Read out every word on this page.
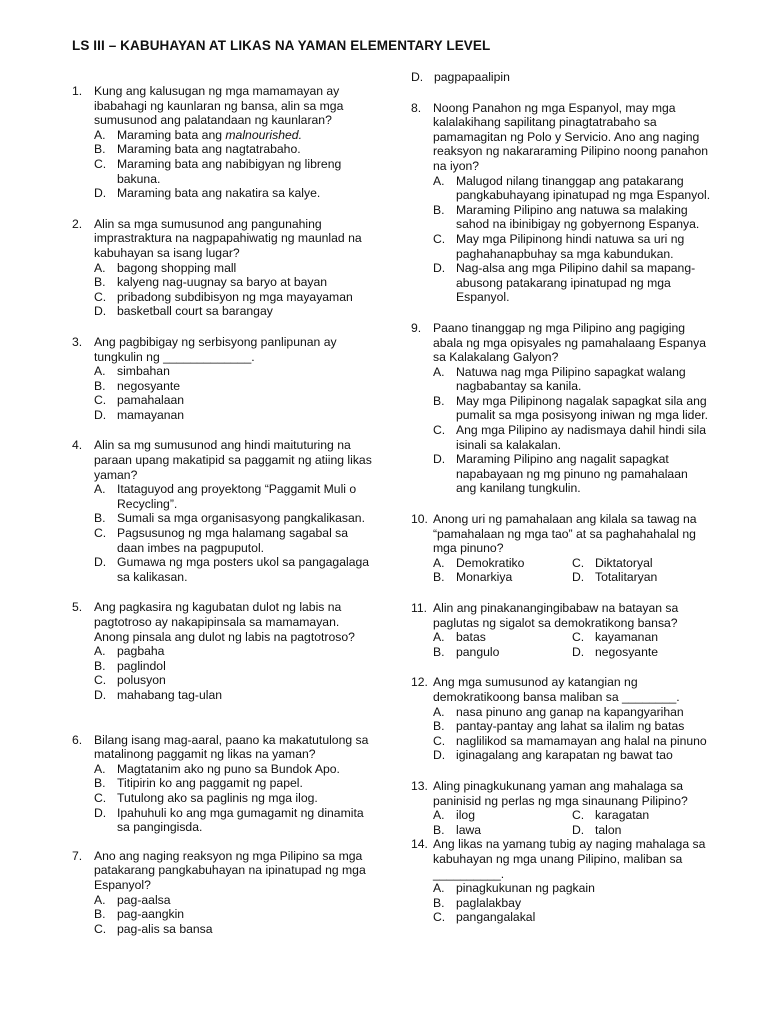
LS III – KABUHAYAN AT LIKAS NA YAMAN ELEMENTARY LEVEL
1. Kung ang kalusugan ng mga mamamayan ay ibabahagi ng kaunlaran ng bansa, alin sa mga sumusunod ang palatandaan ng kaunlaran?
A. Maraming bata ang malnourished.
B. Maraming bata ang nagtatrabaho.
C. Maraming bata ang nabibigyan ng libreng bakuna.
D. Maraming bata ang nakatira sa kalye.
2. Alin sa mga sumusunod ang pangunahing imprastraktura na nagpapahiwatig ng maunlad na kabuhayan sa isang lugar?
A. bagong shopping mall
B. kalyeng nag-uugnay sa baryo at bayan
C. pribadong subdibisyon ng mga mayayaman
D. basketball court sa barangay
3. Ang pagbibigay ng serbisyong panlipunan ay tungkulin ng _____________.
A. simbahan
B. negosyante
C. pamahalaan
D. mamayanan
4. Alin sa mg sumusunod ang hindi maituturing na paraan upang makatipid sa paggamit ng atiing likas yaman?
A. Itataguyod ang proyektong “Paggamit Muli o Recycling”.
B. Sumali sa mga organisasyong pangkalikasan.
C. Pagsusunog ng mga halamang sagabal sa daan imbes na pagpuputol.
D. Gumawa ng mga posters ukol sa pangagalaga sa kalikasan.
5. Ang pagkasira ng kagubatan dulot ng labis na pagtotroso ay nakapipinsala sa mamamayan. Anong pinsala ang dulot ng labis na pagtotroso?
A. pagbaha
B. paglindol
C. polusyon
D. mahabang tag-ulan
6. Bilang isang mag-aaral, paano ka makatutulong sa matalinong paggamit ng likas na yaman?
A. Magtatanim ako ng puno sa Bundok Apo.
B. Titipirin ko ang paggamit ng papel.
C. Tutulong ako sa paglinis ng mga ilog.
D. Ipahuhuli ko ang mga gumagamit ng dinamita sa pangingisda.
7. Ano ang naging reaksyon ng mga Pilipino sa mga patakarang pangkabuhayan na ipinatupad ng mga Espanyol?
A. pag-aalsa
B. pag-aangkin
C. pag-alis sa bansa
D. pagpapaalipin
8. Noong Panahon ng mga Espanyol, may mga kalalakihang sapilitang pinagtatrabaho sa pamamagitan ng Polo y Servicio. Ano ang naging reaksyon ng nakararaming Pilipino noong panahon na iyon?
A. Malugod nilang tinanggap ang patakarang pangkabuhayang ipinatupad ng mga Espanyol.
B. Maraming Pilipino ang natuwa sa malaking sahod na ibinibigay ng gobyernong Espanya.
C. May mga Pilipinong hindi natuwa sa uri ng paghahanapbuhay sa mga kabundukan.
D. Nag-alsa ang mga Pilipino dahil sa mapang-abusong patakarang ipinatupad ng mga Espanyol.
9. Paano tinanggap ng mga Pilipino ang pagiging abala ng mga opisyales ng pamahalaang Espanya sa Kalakalang Galyon?
A. Natuwa nag mga Pilipino sapagkat walang nagbabantay sa kanila.
B. May mga Pilipinong nagalak sapagkat sila ang pumalit sa mga posisyong iniwan ng mga lider.
C. Ang mga Pilipino ay nadismaya dahil hindi sila isinali sa kalakalan.
D. Maraming Pilipino ang nagalit sapagkat napabayaan ng mg pinuno ng pamahalaan ang kanilang tungkulin.
10. Anong uri ng pamahalaan ang kilala sa tawag na “pamahalaan ng mga tao” at sa paghahahalal ng mga pinuno?
A. Demokratiko	C. Diktatoryal
B. Monarkiya	D. Totalitaryan
11. Alin ang pinakanangingibabaw na batayan sa paglutas ng sigalot sa demokratikong bansa?
A. batas	C. kayamanan
B. pangulo	D. negosyante
12. Ang mga sumusunod ay katangian ng demokratikoong bansa maliban sa ________.
A. nasa pinuno ang ganap na kapangyarihan
B. pantay-pantay ang lahat sa ilalim ng batas
C. naglilikod sa mamamayan ang halal na pinuno
D. iginagalang ang karapatan ng bawat tao
13. Aling pinagkukunang yaman ang mahalaga sa paninisid ng perlas ng mga sinaunang Pilipino?
A. ilog	C. karagatan
B. lawa	D. talon
14. Ang likas na yamang tubig ay naging mahalaga sa kabuhayan ng mga unang Pilipino, maliban sa __________.
A. pinagkukunan ng pagkain
B. paglalakbay
C. pangangalakal
